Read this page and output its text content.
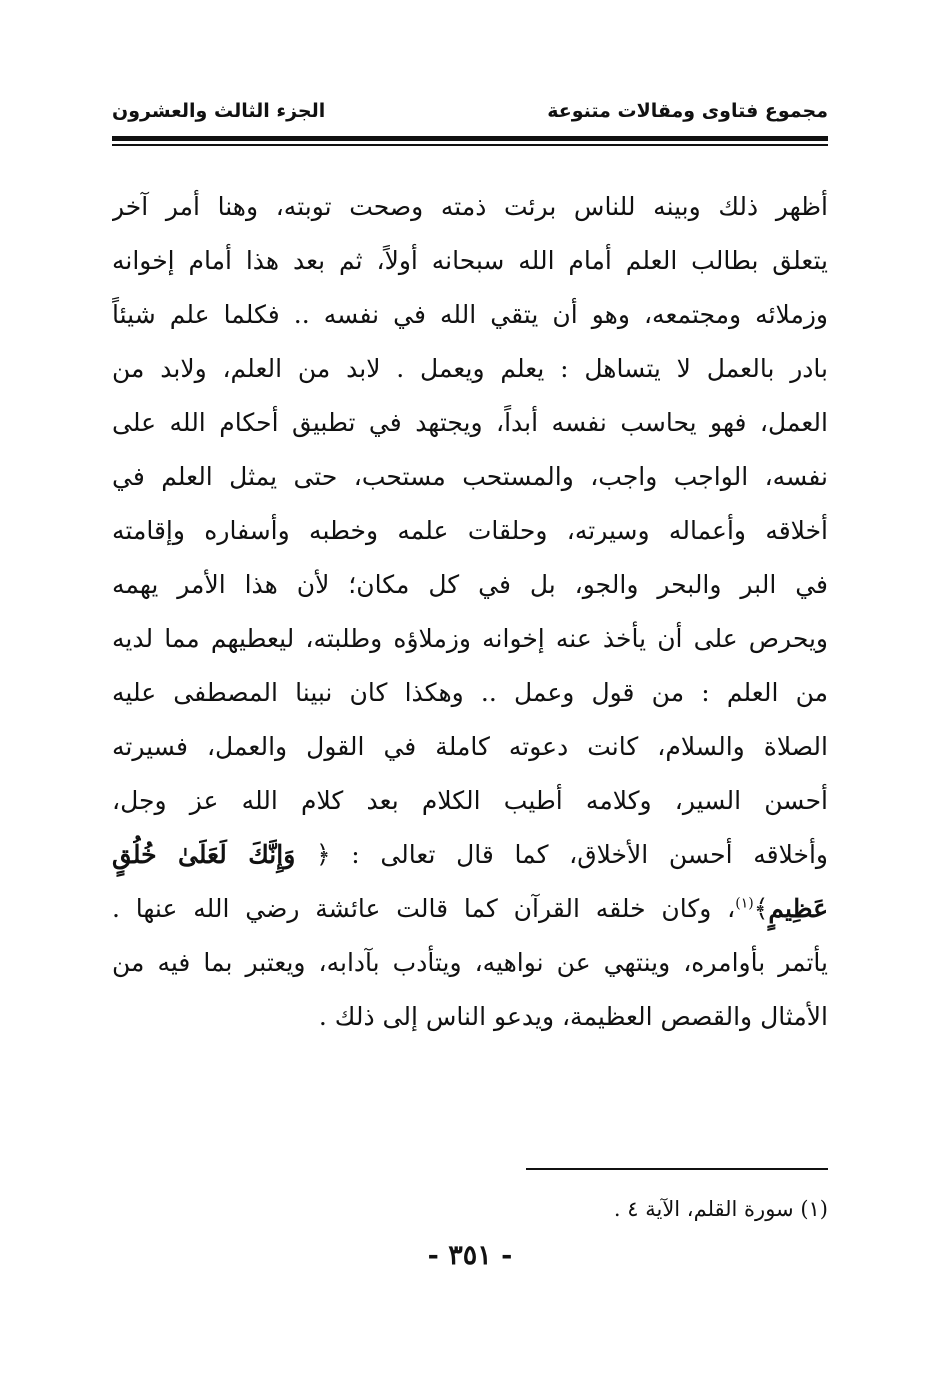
مجموع فتاوى ومقالات متنوعة
الجزء الثالث والعشرون
أظهر ذلك وبينه للناس برئت ذمته وصحت توبته، وهنا أمر آخر
يتعلق بطالب العلم أمام الله سبحانه أولاً، ثم بعد هذا أمام إخوانه
وزملائه ومجتمعه، وهو أن يتقي الله في نفسه .. فكلما علم شيئاً
بادر بالعمل لا يتساهل : يعلم ويعمل . لابد من العلم، ولابد من
العمل، فهو يحاسب نفسه أبداً، ويجتهد في تطبيق أحكام الله على
نفسه، الواجب واجب، والمستحب مستحب، حتى يمثل العلم في
أخلاقه وأعماله وسيرته، وحلقات علمه وخطبه وأسفاره وإقامته
في البر والبحر والجو، بل في كل مكان؛ لأن هذا الأمر يهمه
ويحرص على أن يأخذ عنه إخوانه وزملاؤه وطلبته، ليعطيهم مما لديه
من العلم : من قول وعمل .. وهكذا كان نبينا المصطفى عليه
الصلاة والسلام، كانت دعوته كاملة في القول والعمل، فسيرته
أحسن السير، وكلامه أطيب الكلام بعد كلام الله عز وجل،
وأخلاقه أحسن الأخلاق، كما قال تعالى : ﴿ وَإِنَّكَ لَعَلَىٰ خُلُقٍ
عَظِيمٍ﴾$^{(١)}$، وكان خلقه القرآن كما قالت عائشة رضي الله عنها .
يأتمر بأوامره، وينتهي عن نواهيه، ويتأدب بآدابه، ويعتبر بما فيه من
الأمثال والقصص العظيمة، ويدعو الناس إلى ذلك .
(١) سورة القلم، الآية ٤ .
- ٣٥١ -
